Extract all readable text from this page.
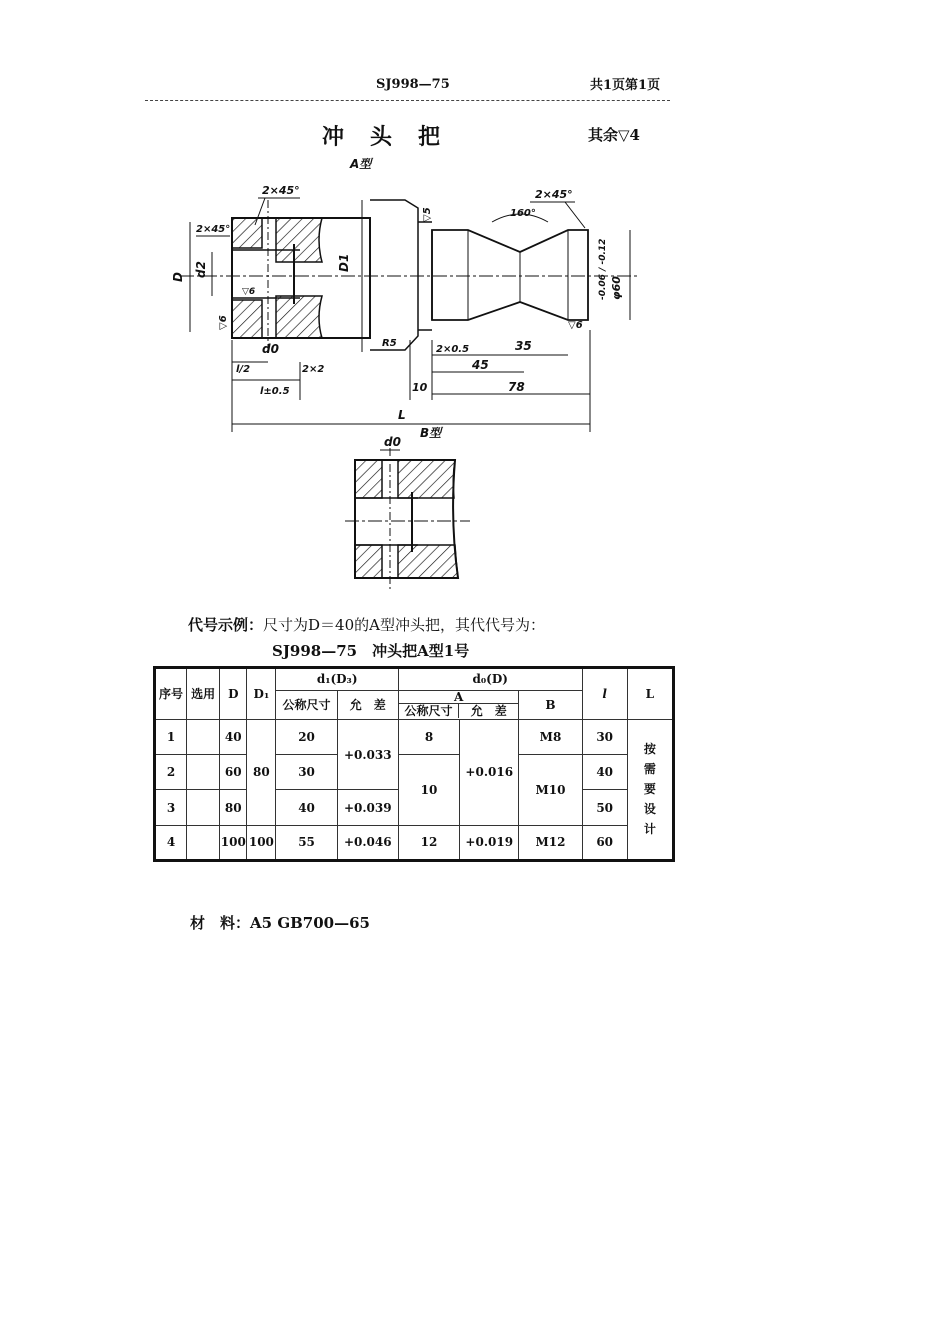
SJ998—75	共1页第1页
冲　头　把	其余▽4
A型
D d2	D1
φ60
-0.06 / -0.12
2×45°
2×45°
2×45°
160°
▽5
▽6
▽6
▽6
R5
d0
l/2
l±0.5
2×2
2×0.5	35
45
78
10
L
B型
d0
代号示例：尺寸为D＝40的A型冲头把，其代代号为：
SJ998—75　冲头把A型1号
序号	选用	D	D₁	d₁(D₃)		d₀(D)			l	L
				公称尺寸	允　差	A
公称尺寸 允　差		B		
1		40	80	20	+0.033	8	+0.016	M8	30	按需要设计

2		60		30		10		M10	40	
3		80		40	+0.039				50	
4		100	100	55	+0.046	12	+0.019	M12	60	
材　料：A5 GB700—65
